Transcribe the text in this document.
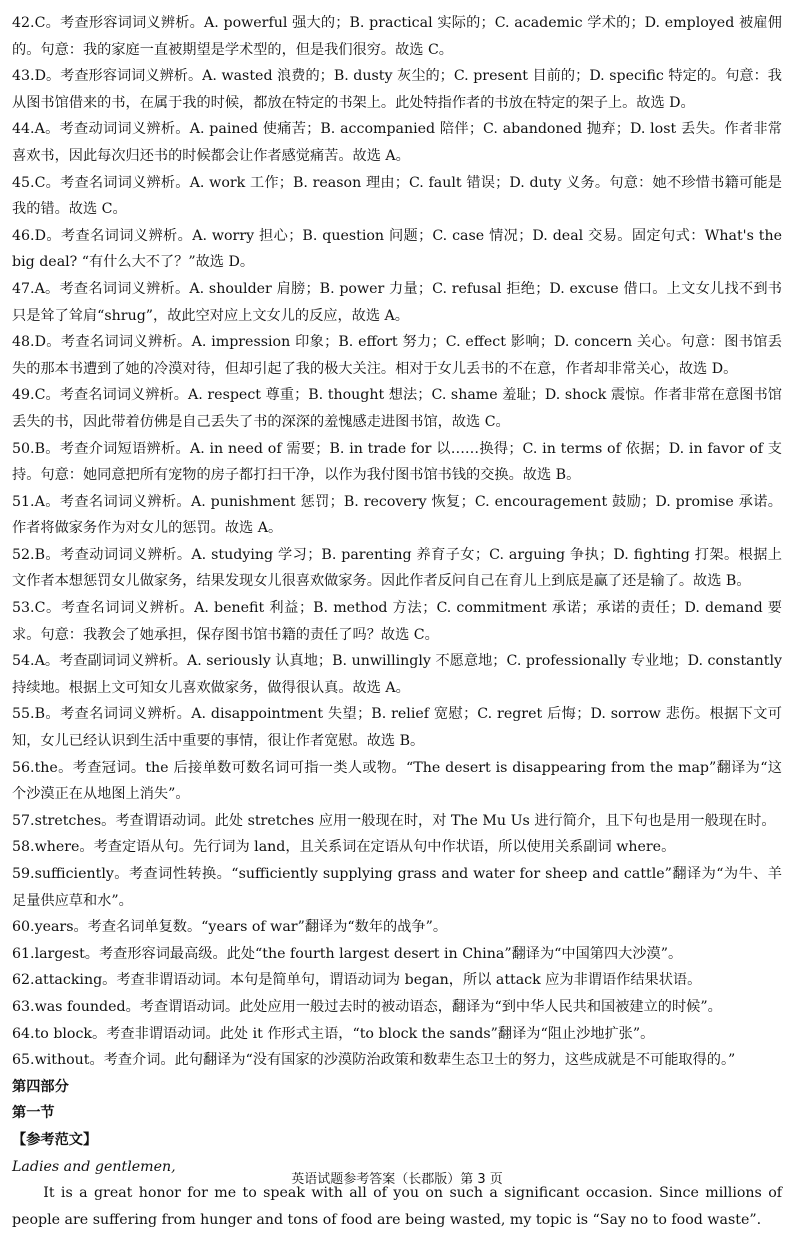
42.C。考查形容词词义辨析。A. powerful 强大的；B. practical 实际的；C. academic 学术的；D. employed 被雇佣的。句意：我的家庭一直被期望是学术型的，但是我们很穷。故选 C。

43.D。考查形容词词义辨析。A. wasted 浪费的；B. dusty 灰尘的；C. present 目前的；D. specific 特定的。句意：我从图书馆借来的书，在属于我的时候，都放在特定的书架上。此处特指作者的书放在特定的架子上。故选 D。

44.A。考查动词词义辨析。A. pained 使痛苦；B. accompanied 陪伴；C. abandoned 抛弃；D. lost 丢失。作者非常喜欢书，因此每次归还书的时候都会让作者感觉痛苦。故选 A。

45.C。考查名词词义辨析。A. work 工作；B. reason 理由；C. fault 错误；D. duty 义务。句意：她不珍惜书籍可能是我的错。故选 C。

46.D。考查名词词义辨析。A. worry 担心；B. question 问题；C. case 情况；D. deal 交易。固定句式：What's the big deal? “有什么大不了？”故选 D。

47.A。考查名词词义辨析。A. shoulder 肩膀；B. power 力量；C. refusal 拒绝；D. excuse 借口。上文女儿找不到书只是耸了耸肩“shrug”，故此空对应上文女儿的反应，故选 A。

48.D。考查名词词义辨析。A. impression 印象；B. effort 努力；C. effect 影响；D. concern 关心。句意：图书馆丢失的那本书遭到了她的冷漠对待，但却引起了我的极大关注。相对于女儿丢书的不在意，作者却非常关心，故选 D。

49.C。考查名词词义辨析。A. respect 尊重；B. thought 想法；C. shame 羞耻；D. shock 震惊。作者非常在意图书馆丢失的书，因此带着仿佛是自己丢失了书的深深的羞愧感走进图书馆，故选 C。

50.B。考查介词短语辨析。A. in need of 需要；B. in trade for 以……换得；C. in terms of 依据；D. in favor of 支持。句意：她同意把所有宠物的房子都打扫干净，以作为我付图书馆书钱的交换。故选 B。

51.A。考查名词词义辨析。A. punishment 惩罚；B. recovery 恢复；C. encouragement 鼓励；D. promise 承诺。作者将做家务作为对女儿的惩罚。故选 A。

52.B。考查动词词义辨析。A. studying 学习；B. parenting 养育子女；C. arguing 争执；D. fighting 打架。根据上文作者本想惩罚女儿做家务，结果发现女儿很喜欢做家务。因此作者反问自己在育儿上到底是赢了还是输了。故选 B。

53.C。考查名词词义辨析。A. benefit 利益；B. method 方法；C. commitment 承诺；承诺的责任；D. demand 要求。句意：我教会了她承担，保存图书馆书籍的责任了吗？故选 C。

54.A。考查副词词义辨析。A. seriously 认真地；B. unwillingly 不愿意地；C. professionally 专业地；D. constantly 持续地。根据上文可知女儿喜欢做家务，做得很认真。故选 A。

55.B。考查名词词义辨析。A. disappointment 失望；B. relief 宽慰；C. regret 后悔；D. sorrow 悲伤。根据下文可知，女儿已经认识到生活中重要的事情，很让作者宽慰。故选 B。

56.the。考查冠词。the 后接单数可数名词可指一类人或物。“The desert is disappearing from the map”翻译为“这个沙漠正在从地图上消失”。

57.stretches。考查谓语动词。此处 stretches 应用一般现在时，对 The Mu Us 进行简介，且下句也是用一般现在时。

58.where。考查定语从句。先行词为 land，且关系词在定语从句中作状语，所以使用关系副词 where。

59.sufficiently。考查词性转换。“sufficiently supplying grass and water for sheep and cattle”翻译为“为牛、羊足量供应草和水”。

60.years。考查名词单复数。“years of war”翻译为“数年的战争”。

61.largest。考查形容词最高级。此处“the fourth largest desert in China”翻译为“中国第四大沙漠”。

62.attacking。考查非谓语动词。本句是简单句，谓语动词为 began，所以 attack 应为非谓语作结果状语。

63.was founded。考查谓语动词。此处应用一般过去时的被动语态，翻译为“到中华人民共和国被建立的时候”。

64.to block。考查非谓语动词。此处 it 作形式主语，“to block the sands”翻译为“阻止沙地扩张”。

65.without。考查介词。此句翻译为“没有国家的沙漠防治政策和数辈生态卫士的努力，这些成就是不可能取得的。”

第四部分

第一节

【参考范文】

Ladies and gentlemen,

It is a great honor for me to speak with all of you on such a significant occasion. Since millions of people are suffering from hunger and tons of food are being wasted, my topic is “Say no to food waste”.

英语试题参考答案（长郡版）第 3 页
